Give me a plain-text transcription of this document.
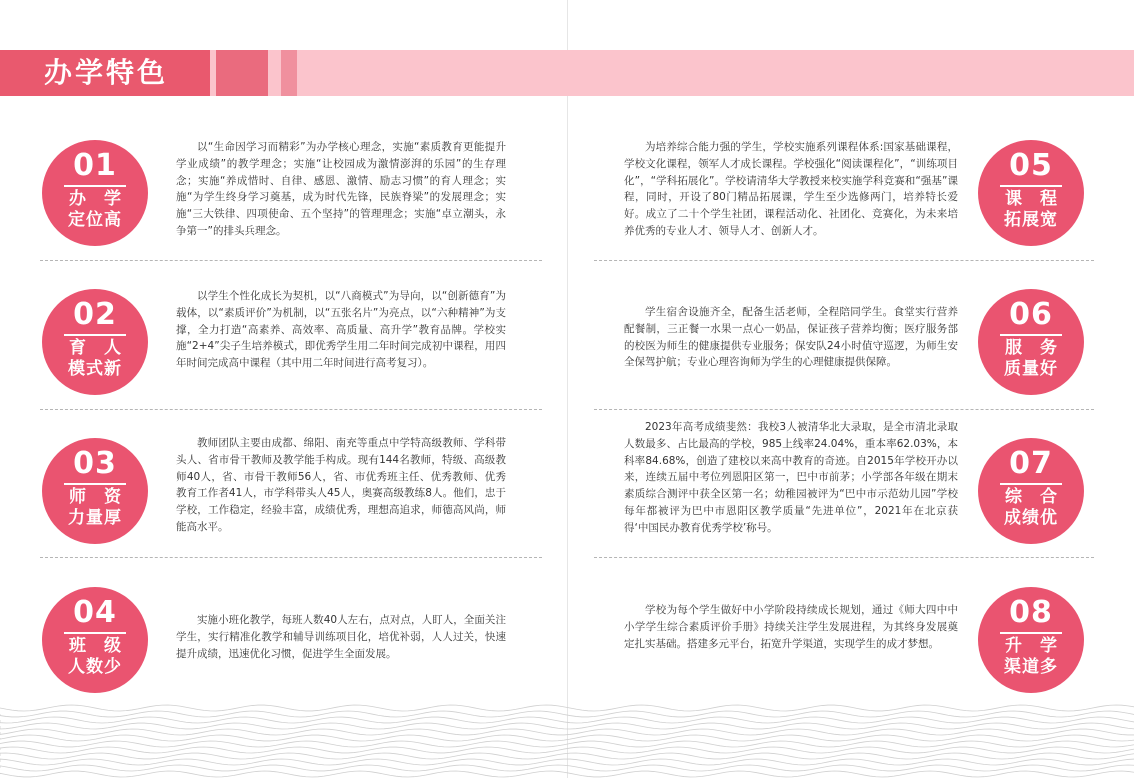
办学特色
01
办学
定位高
以“生命因学习而精彩”为办学核心理念，实施“素质教育更能提升学业成绩”的教学理念；实施“让校园成为激情澎湃的乐园”的生存理念；实施“养成惜时、自律、感恩、激情、励志习惯”的育人理念；实施“为学生终身学习奠基，成为时代先锋，民族脊梁”的发展理念；实施“三大铁律、四项使命、五个坚持”的管理理念；实施“卓立潮头，永争第一”的排头兵理念。
02
育人
模式新
以学生个性化成长为契机，以“八商模式”为导向，以“创新德育”为载体，以“素质评价”为机制，以“五张名片”为亮点，以“六种精神”为支撑，全力打造“高素养、高效率、高质量、高升学”教育品牌。学校实施“2+4”尖子生培养模式，即优秀学生用二年时间完成初中课程，用四年时间完成高中课程（其中用二年时间进行高考复习）。
03
师资
力量厚
教师团队主要由成都、绵阳、南充等重点中学特高级教师、学科带头人、省市骨干教师及教学能手构成。现有144名教师，特级、高级教师40人，省、市骨干教师56人，省、市优秀班主任、优秀教师、优秀教育工作者41人，市学科带头人45人，奥赛高级教练8人。他们，忠于学校，工作稳定，经验丰富，成绩优秀，理想高追求，师德高风尚，师能高水平。
04
班级
人数少
实施小班化教学，每班人数40人左右，点对点，人盯人，全面关注学生，实行精准化教学和辅导训练项目化，培优补弱，人人过关，快速提升成绩，迅速优化习惯，促进学生全面发展。
为培养综合能力强的学生，学校实施系列课程体系:国家基础课程，学校文化课程，领军人才成长课程。学校强化“阅读课程化”，“训练项目化”，“学科拓展化”。学校请清华大学教授来校实施学科竞赛和“强基”课程，同时，开设了80门精品拓展课，学生至少选修两门，培养特长爱好。成立了二十个学生社团，课程活动化、社团化、竞赛化，为未来培养优秀的专业人才、领导人才、创新人才。
05
课程
拓展宽
学生宿舍设施齐全，配备生活老师，全程陪同学生。食堂实行营养配餐制，三正餐一水果一点心一奶品，保证孩子营养均衡；医疗服务部的校医为师生的健康提供专业服务；保安队24小时值守巡逻，为师生安全保驾护航；专业心理咨询师为学生的心理健康提供保障。
06
服务
质量好
2023年高考成绩斐然：我校3人被清华北大录取，是全市清北录取人数最多、占比最高的学校，985上线率24.04%，重本率62.03%，本科率84.68%，创造了建校以来高中教育的奇迹。自2015年学校开办以来，连续五届中考位列恩阳区第一，巴中市前茅；小学部各年级在期末素质综合测评中获全区第一名；幼稚园被评为“巴中市示范幼儿园”学校每年都被评为巴中市恩阳区教学质量“先进单位”，2021年在北京获得‘中国民办教育优秀学校’称号。
07
综合
成绩优
学校为每个学生做好中小学阶段持续成长规划，通过《师大四中中小学学生综合素质评价手册》持续关注学生发展进程，为其终身发展奠定扎实基础。搭建多元平台，拓宽升学渠道，实现学生的成才梦想。
08
升学
渠道多
